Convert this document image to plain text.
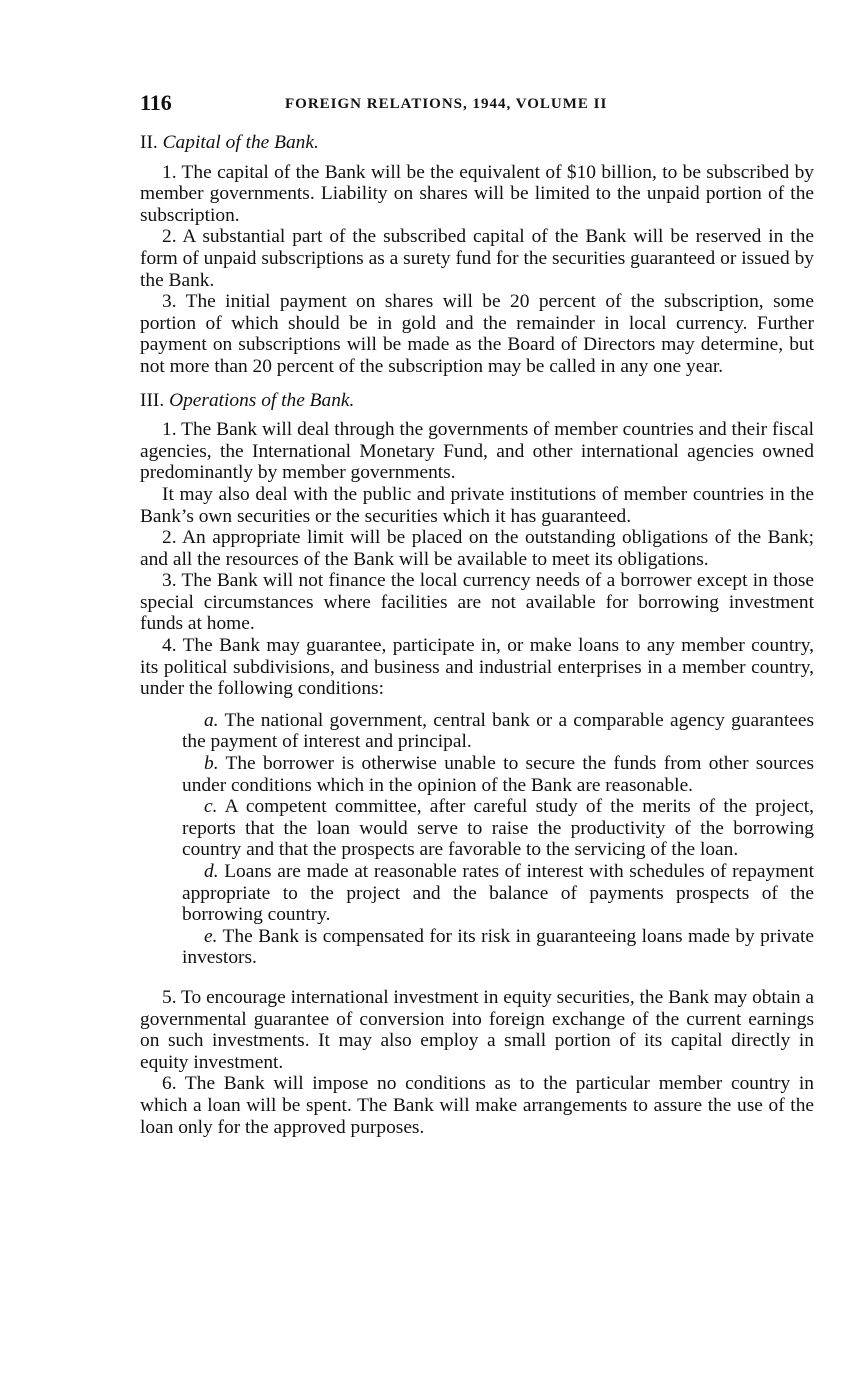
116	FOREIGN RELATIONS, 1944, VOLUME II
II. Capital of the Bank.

1. The capital of the Bank will be the equivalent of $10 billion, to be subscribed by member governments. Liability on shares will be limited to the unpaid portion of the subscription.

2. A substantial part of the subscribed capital of the Bank will be reserved in the form of unpaid subscriptions as a surety fund for the securities guaranteed or issued by the Bank.

3. The initial payment on shares will be 20 percent of the subscription, some portion of which should be in gold and the remainder in local currency. Further payment on subscriptions will be made as the Board of Directors may determine, but not more than 20 percent of the subscription may be called in any one year.

III. Operations of the Bank.

1. The Bank will deal through the governments of member countries and their fiscal agencies, the International Monetary Fund, and other international agencies owned predominantly by member governments.

It may also deal with the public and private institutions of member countries in the Bank’s own securities or the securities which it has guaranteed.

2. An appropriate limit will be placed on the outstanding obligations of the Bank; and all the resources of the Bank will be available to meet its obligations.

3. The Bank will not finance the local currency needs of a borrower except in those special circumstances where facilities are not available for borrowing investment funds at home.

4. The Bank may guarantee, participate in, or make loans to any member country, its political subdivisions, and business and industrial enterprises in a member country, under the following conditions:

a. The national government, central bank or a comparable agency guarantees the payment of interest and principal.

b. The borrower is otherwise unable to secure the funds from other sources under conditions which in the opinion of the Bank are reasonable.

c. A competent committee, after careful study of the merits of the project, reports that the loan would serve to raise the productivity of the borrowing country and that the prospects are favorable to the servicing of the loan.

d. Loans are made at reasonable rates of interest with schedules of repayment appropriate to the project and the balance of payments prospects of the borrowing country.

e. The Bank is compensated for its risk in guaranteeing loans made by private investors.

5. To encourage international investment in equity securities, the Bank may obtain a governmental guarantee of conversion into foreign exchange of the current earnings on such investments. It may also employ a small portion of its capital directly in equity investment.

6. The Bank will impose no conditions as to the particular member country in which a loan will be spent. The Bank will make arrangements to assure the use of the loan only for the approved purposes.
